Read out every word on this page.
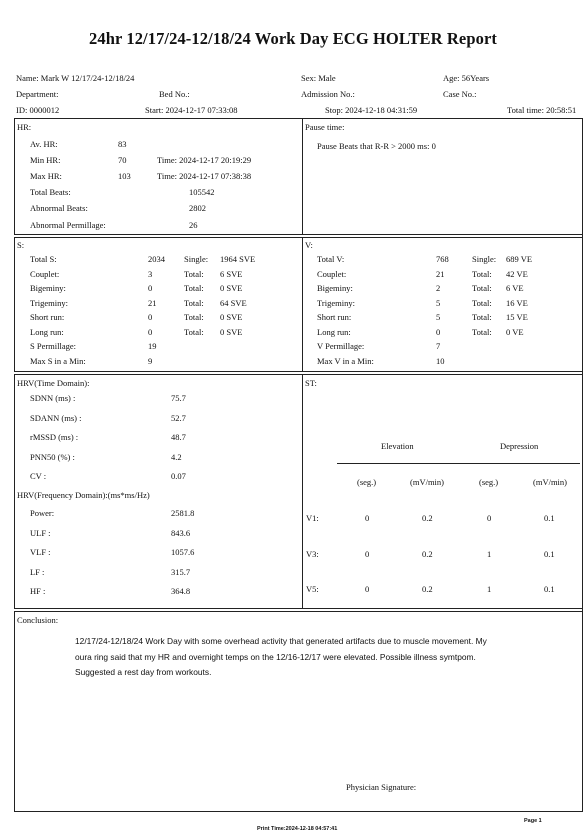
24hr 12/17/24-12/18/24 Work Day ECG HOLTER Report
Name: Mark W 12/17/24-12/18/24	Sex: Male	Age: 56Years
Department:	Bed No.:	Admission No.:	Case No.:
ID: 0000012	Start: 2024-12-17 07:33:08	Stop: 2024-12-18 04:31:59	Total time: 20:58:51
HR:
Av. HR:	83
Min HR:	70	Time: 2024-12-17 20:19:29
Max HR:	103	Time: 2024-12-17 07:38:38
Total Beats:	105542
Abnormal Beats:	2802
Abnormal Permillage:	26
Pause time:
Pause Beats that R-R > 2000 ms: 0
S:
Total S:	2034 Single: 1964 SVE
Couplet:	3	Total: 6 SVE
Bigeminy:	0	Total: 0 SVE
Trigeminy:	21	Total: 64 SVE
Short run:	0	Total: 0 SVE
Long run:	0	Total: 0 SVE
S Permillage:	19
Max S in a Min:	9
V:
Total V:	768	Single: 689 VE
Couplet:	21	Total: 42 VE
Bigeminy:	2	Total: 6 VE
Trigeminy:	5	Total: 16 VE
Short run:	5	Total: 15 VE
Long run:	0	Total: 0 VE
V Permillage:	7
Max V in a Min:	10
HRV(Time Domain):
SDNN (ms) :	75.7
SDANN (ms) :	52.7
rMSSD (ms) :	48.7
PNN50 (%) :	4.2
CV :	0.07
HRV(Frequency Domain):(ms*ms/Hz)
Power:	2581.8
ULF :	843.6
VLF :	1057.6
LF :	315.7
HF :	364.8
ST:
Elevation	Depression
(seg.)	(mV/min)	(seg.)	(mV/min)
V1:	0	0.2	0	0.1
V3:	0	0.2	1	0.1
V5:	0	0.2	1	0.1
Conclusion:
12/17/24-12/18/24 Work Day with some overhead activity that generated artifacts due to muscle movement. My oura ring said that my HR and overnight temps on the 12/16-12/17 were elevated. Possible illness symtpom. Suggested a rest day from workouts.
Physician Signature:
Page 1
Print Time:2024-12-18 04:57:41
